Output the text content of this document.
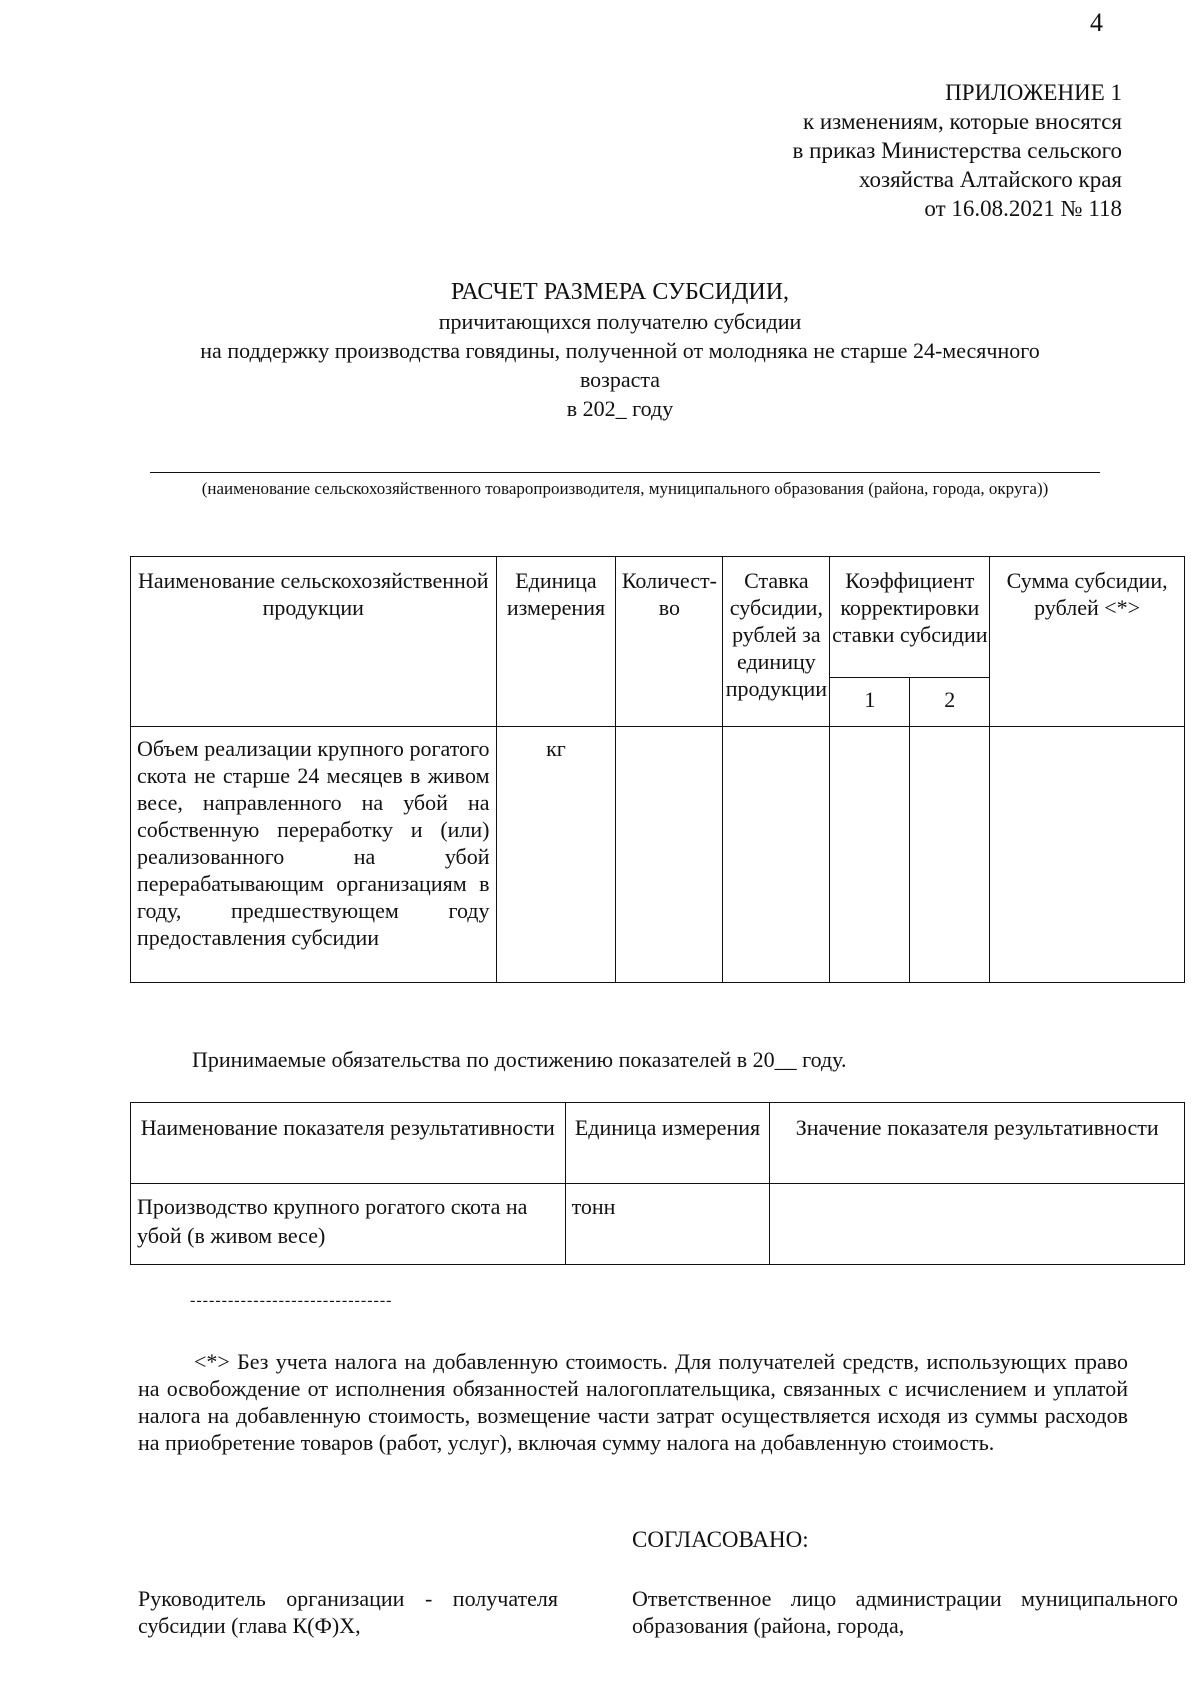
4
ПРИЛОЖЕНИЕ 1
к изменениям, которые вносятся
в приказ Министерства сельского
хозяйства Алтайского края
от 16.08.2021 № 118
РАСЧЕТ РАЗМЕРА СУБСИДИИ,
причитающихся получателю субсидии
на поддержку производства говядины, полученной от молодняка не старше 24-месячного
возраста
в 202_ году
(наименование сельскохозяйственного товаропроизводителя, муниципального образования (района, города, округа))
Наименование сельскохозяйственной продукции	Единица измерения	Количест-во	Ставка субсидии, рублей за единицу продукции	Коэффициент корректировки ставки субсидии		Сумма субсидии, рублей <*>
				1	2	
Объем реализации крупного рогатого скота не старше 24 месяцев в живом весе, направленного на убой на собственную переработку и (или) реализованного на убой перерабатывающим организациям в году, предшествующем году предоставления субсидии	кг					
Принимаемые обязательства по достижению показателей в 20__ году.
Наименование показателя результативности	Единица измерения	Значение показателя результативности
Производство крупного рогатого скота на убой (в живом весе)	тонн	
--------------------------------
<*> Без учета налога на добавленную стоимость. Для получателей средств, использующих право на освобождение от исполнения обязанностей налогоплательщика, связанных с исчислением и уплатой налога на добавленную стоимость, возмещение части затрат осуществляется исходя из суммы расходов на приобретение товаров (работ, услуг), включая сумму налога на добавленную стоимость.
СОГЛАСОВАНО:
Руководитель организации - получателя субсидии (глава К(Ф)Х,
Ответственное лицо администрации муниципального образования (района, города,
